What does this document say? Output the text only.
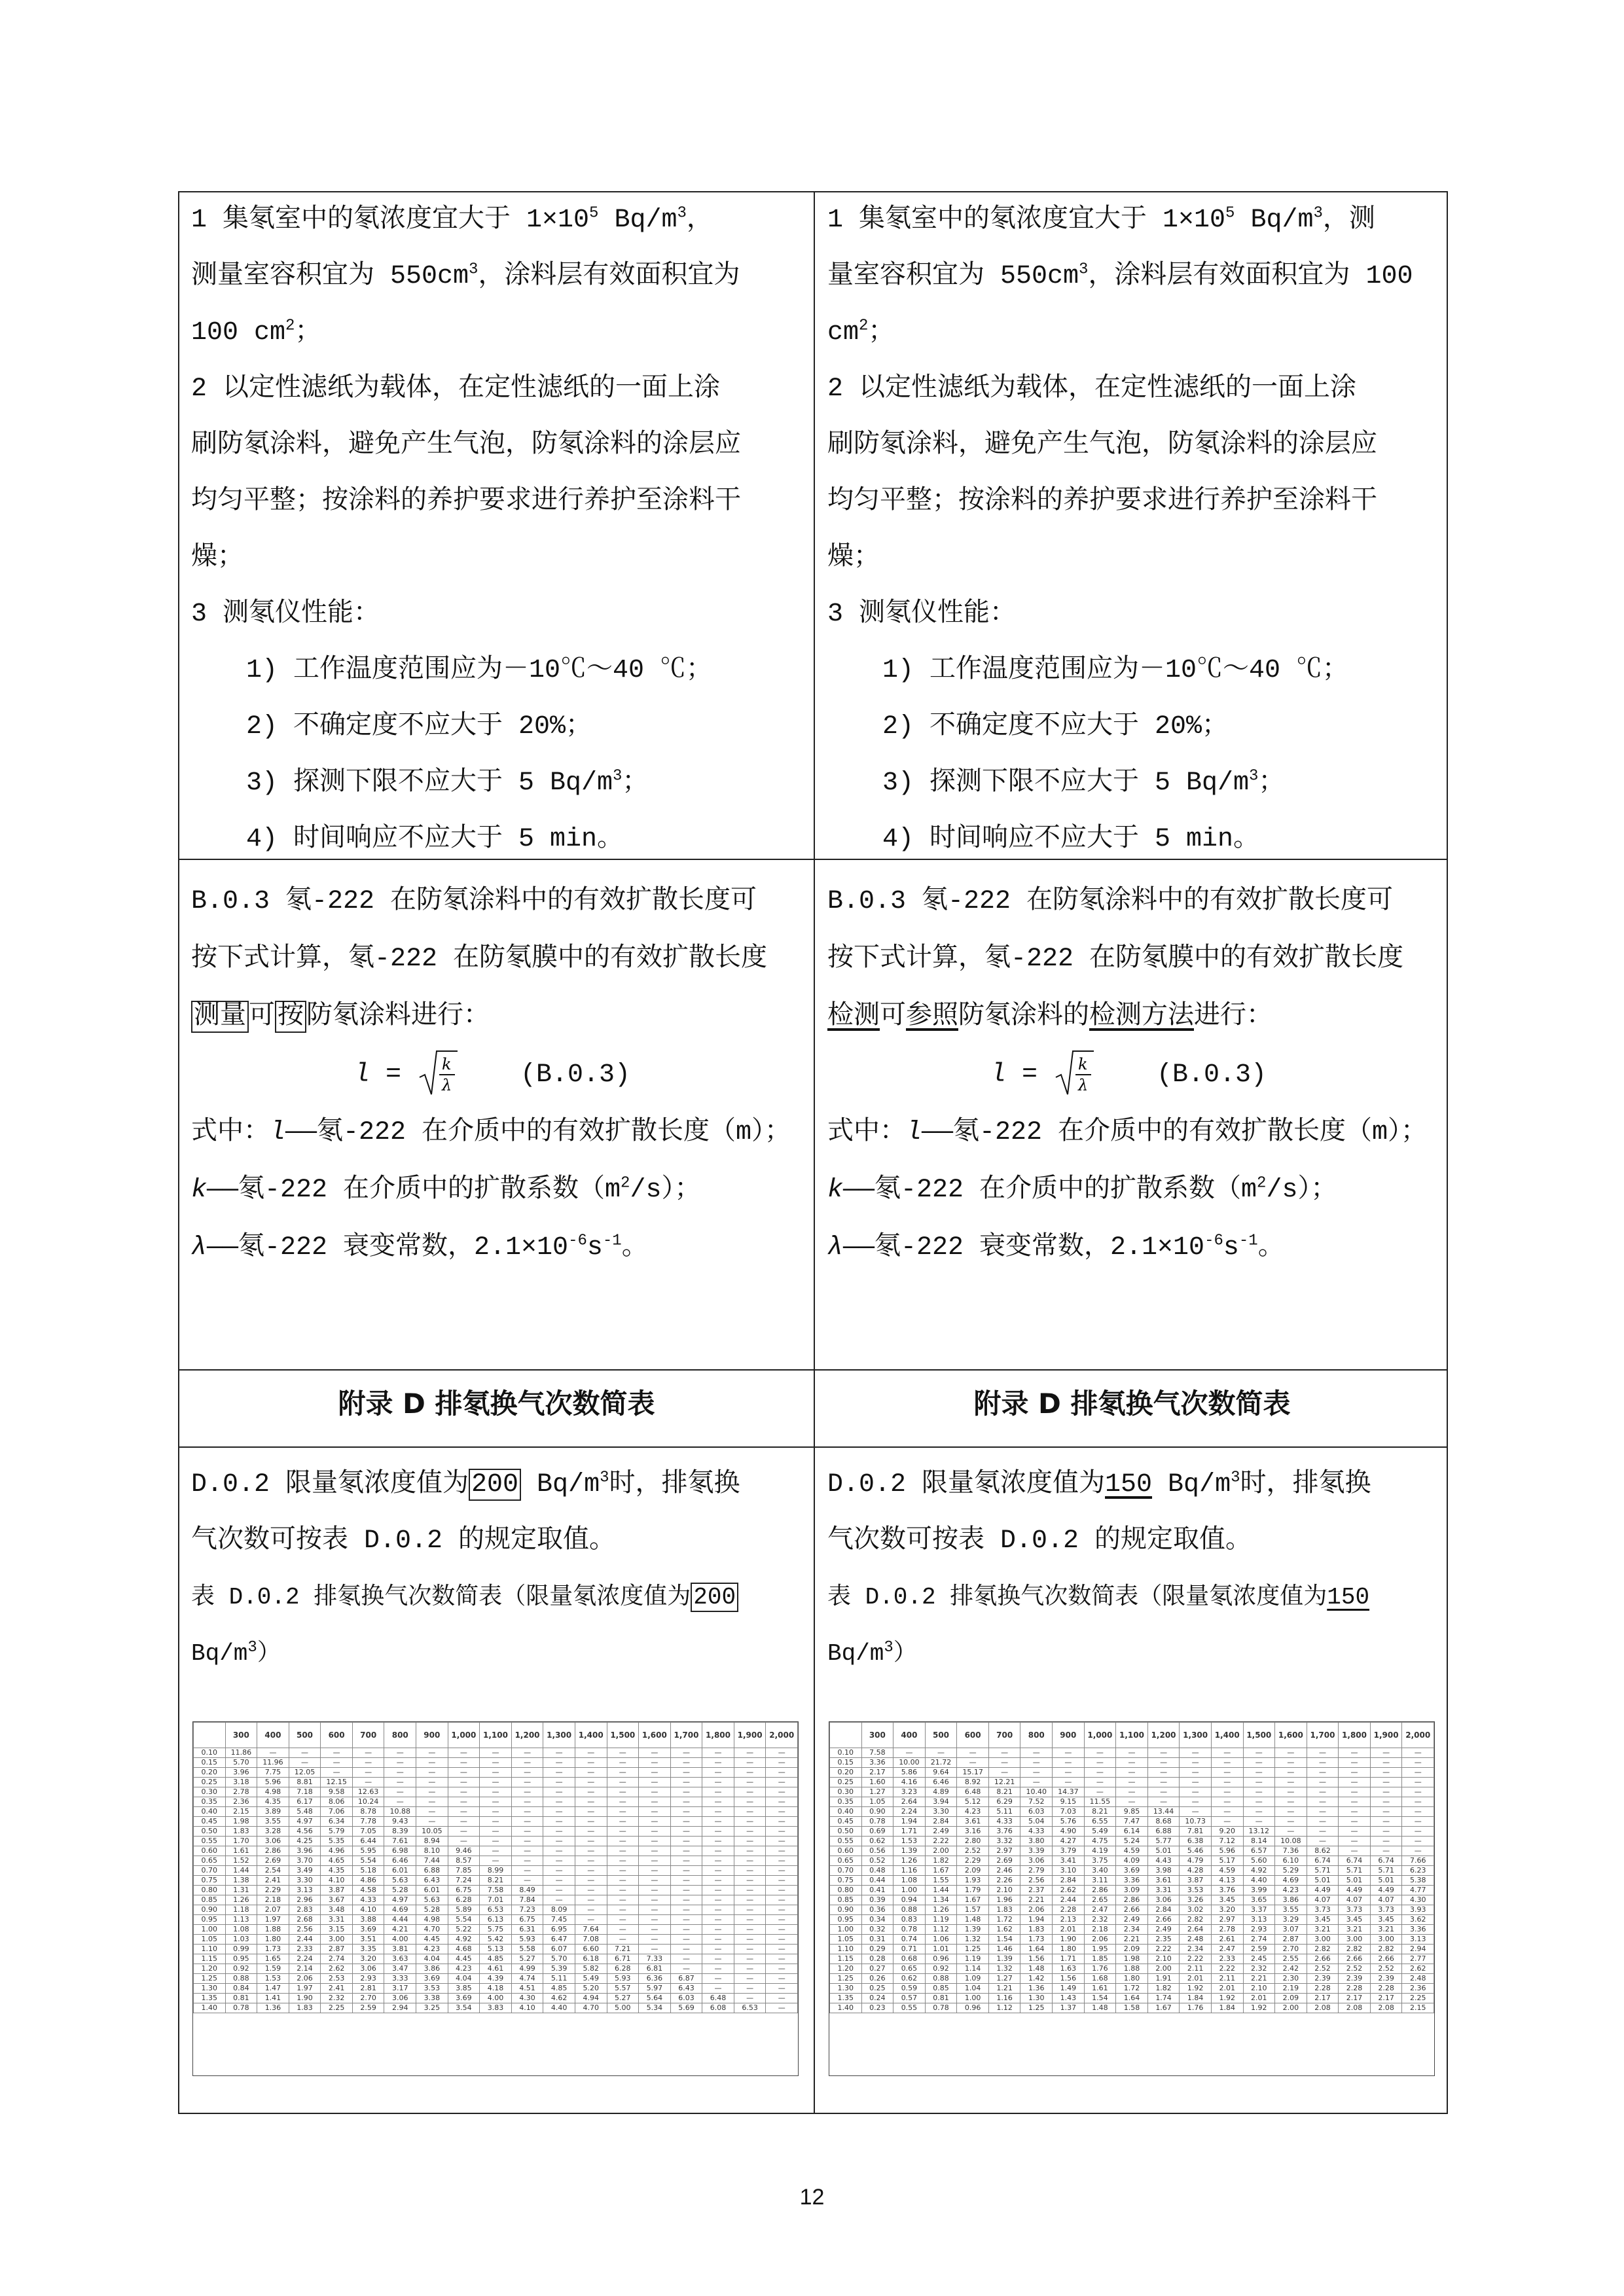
1 集氡室中的氡浓度宜大于 $1\times 10^5$ $Bq/m^3$，

测量室容积宜为 $550cm^3$，涂料层有效面积宜为

100 $cm^2$；

2 以定性滤纸为载体，在定性滤纸的一面上涂

刷防氡涂料，避免产生气泡，防氡涂料的涂层应

均匀平整；按涂料的养护要求进行养护至涂料干

燥；

3 测氡仪性能：

1) 工作温度范围应为－10℃～40 ℃；

2) 不确定度不应大于 20%；

3) 探测下限不应大于 5 $Bq/m^3$；

4) 时间响应不应大于 5 min。

B.0.3 氡-222 在防氡涂料中的有效扩散长度可

按下式计算，氡-222 在防氡膜中的有效扩散长度

测量 可 按 防氡涂料进行：

l = k
λ	(B.0.3)

式中：l——氡-222 在介质中的有效扩散长度（m）；

k——氡-222 在介质中的扩散系数$(m^2/s)$；

λ——氡-222 衰变常数，$2.1\times 10^{-6}s^{-1}$。

附录 D 排氡换气次数简表

D.0.2 限量氡浓度值为 200 $Bq/m^3$时，排氡换

气次数可按表 D.0.2 的规定取值。

表 D.0.2 排氡换气次数简表（限量氡浓度值为 200

$Bq/m^3$）

	300	400	500	600	700	800	900	1,000	1,100	1,200	1,300	1,400	1,500	1,600	1,700	1,800	1,900	2,000
0.10	11.86	—	—	—	—	—	—	—	—	—	—	—	—	—	—	—	—	—
0.15	5.70	11.96	—	—	—	—	—	—	—	—	—	—	—	—	—	—	—	—
0.20	3.96	7.75	12.05	—	—	—	—	—	—	—	—	—	—	—	—	—	—	—
0.25	3.18	5.96	8.81	12.15	—	—	—	—	—	—	—	—	—	—	—	—	—	—
0.30	2.78	4.98	7.18	9.58	12.63	—	—	—	—	—	—	—	—	—	—	—	—	—
0.35	2.36	4.35	6.17	8.06	10.24	—	—	—	—	—	—	—	—	—	—	—	—	—
0.40	2.15	3.89	5.48	7.06	8.78	10.88	—	—	—	—	—	—	—	—	—	—	—	—
0.45	1.98	3.55	4.97	6.34	7.78	9.43	—	—	—	—	—	—	—	—	—	—	—	—
0.50	1.83	3.28	4.56	5.79	7.05	8.39	10.05	—	—	—	—	—	—	—	—	—	—	—
0.55	1.70	3.06	4.25	5.35	6.44	7.61	8.94	—	—	—	—	—	—	—	—	—	—	—
0.60	1.61	2.86	3.96	4.96	5.95	6.98	8.10	9.46	—	—	—	—	—	—	—	—	—	—
0.65	1.52	2.69	3.70	4.65	5.54	6.46	7.44	8.57	—	—	—	—	—	—	—	—	—	—
0.70	1.44	2.54	3.49	4.35	5.18	6.01	6.88	7.85	8.99	—	—	—	—	—	—	—	—	—
0.75	1.38	2.41	3.30	4.10	4.86	5.63	6.43	7.24	8.21	—	—	—	—	—	—	—	—	—
0.80	1.31	2.29	3.13	3.87	4.58	5.28	6.01	6.75	7.58	8.49	—	—	—	—	—	—	—	—
0.85	1.26	2.18	2.96	3.67	4.33	4.97	5.63	6.28	7.01	7.84	—	—	—	—	—	—	—	—
0.90	1.18	2.07	2.83	3.48	4.10	4.69	5.28	5.89	6.53	7.23	8.09	—	—	—	—	—	—	—
0.95	1.13	1.97	2.68	3.31	3.88	4.44	4.98	5.54	6.13	6.75	7.45	—	—	—	—	—	—	—
1.00	1.08	1.88	2.56	3.15	3.69	4.21	4.70	5.22	5.75	6.31	6.95	7.64	—	—	—	—	—	—
1.05	1.03	1.80	2.44	3.00	3.51	4.00	4.45	4.92	5.42	5.93	6.47	7.08	—	—	—	—	—	—
1.10	0.99	1.73	2.33	2.87	3.35	3.81	4.23	4.68	5.13	5.58	6.07	6.60	7.21	—	—	—	—	—
1.15	0.95	1.65	2.24	2.74	3.20	3.63	4.04	4.45	4.85	5.27	5.70	6.18	6.71	7.33	—	—	—	—
1.20	0.92	1.59	2.14	2.62	3.06	3.47	3.86	4.23	4.61	4.99	5.39	5.82	6.28	6.81	—	—	—	—
1.25	0.88	1.53	2.06	2.53	2.93	3.33	3.69	4.04	4.39	4.74	5.11	5.49	5.93	6.36	6.87	—	—	—
1.30	0.84	1.47	1.97	2.41	2.81	3.17	3.53	3.85	4.18	4.51	4.85	5.20	5.57	5.97	6.43	—	—	—
1.35	0.81	1.41	1.90	2.32	2.70	3.06	3.38	3.69	4.00	4.30	4.62	4.94	5.27	5.64	6.03	6.48	—	—
1.40	0.78	1.36	1.83	2.25	2.59	2.94	3.25	3.54	3.83	4.10	4.40	4.70	5.00	5.34	5.69	6.08	6.53	—

1 集氡室中的氡浓度宜大于 $1\times 10^5$ $Bq/m^3$，测

量室容积宜为 $550cm^3$，涂料层有效面积宜为 100

$cm^2$；

2 以定性滤纸为载体，在定性滤纸的一面上涂

刷防氡涂料，避免产生气泡，防氡涂料的涂层应

均匀平整；按涂料的养护要求进行养护至涂料干

燥；

3 测氡仪性能：

1) 工作温度范围应为－10℃～40 ℃；

2) 不确定度不应大于 20%；

3) 探测下限不应大于 5 $Bq/m^3$；

4) 时间响应不应大于 5 min。

B.0.3 氡-222 在防氡涂料中的有效扩散长度可

按下式计算，氡-222 在防氡膜中的有效扩散长度

检测可参照防氡涂料的检测方法进行：

l = k
λ	(B.0.3)

式中：l——氡-222 在介质中的有效扩散长度（m）；

k——氡-222 在介质中的扩散系数$(m^2/s)$；

λ——氡-222 衰变常数，$2.1\times 10^{-6}s^{-1}$。

附录 D 排氡换气次数简表

D.0.2 限量氡浓度值为150 $Bq/m^3$时，排氡换

气次数可按表 D.0.2 的规定取值。

表 D.0.2 排氡换气次数简表（限量氡浓度值为150

$Bq/m^3$）

	300	400	500	600	700	800	900	1,000	1,100	1,200	1,300	1,400	1,500	1,600	1,700	1,800	1,900	2,000
0.10	7.58	—	—	—	—	—	—	—	—	—	—	—	—	—	—	—	—	—
0.15	3.36	10.00	21.72	—	—	—	—	—	—	—	—	—	—	—	—	—	—	—
0.20	2.17	5.86	9.64	15.17	—	—	—	—	—	—	—	—	—	—	—	—	—	—
0.25	1.60	4.16	6.46	8.92	12.21	—	—	—	—	—	—	—	—	—	—	—	—	—
0.30	1.27	3.23	4.89	6.48	8.21	10.40	14.37	—	—	—	—	—	—	—	—	—	—	—
0.35	1.05	2.64	3.94	5.12	6.29	7.52	9.15	11.55	—	—	—	—	—	—	—	—	—	—
0.40	0.90	2.24	3.30	4.23	5.11	6.03	7.03	8.21	9.85	13.44	—	—	—	—	—	—	—	—
0.45	0.78	1.94	2.84	3.61	4.33	5.04	5.76	6.55	7.47	8.68	10.73	—	—	—	—	—	—	—
0.50	0.69	1.71	2.49	3.16	3.76	4.33	4.90	5.49	6.14	6.88	7.81	9.20	13.12	—	—	—	—	—
0.55	0.62	1.53	2.22	2.80	3.32	3.80	4.27	4.75	5.24	5.77	6.38	7.12	8.14	10.08	—	—	—	—
0.60	0.56	1.39	2.00	2.52	2.97	3.39	3.79	4.19	4.59	5.01	5.46	5.96	6.57	7.36	8.62	—	—	—
0.65	0.52	1.26	1.82	2.29	2.69	3.06	3.41	3.75	4.09	4.43	4.79	5.17	5.60	6.10	6.74	6.74	6.74	7.66
0.70	0.48	1.16	1.67	2.09	2.46	2.79	3.10	3.40	3.69	3.98	4.28	4.59	4.92	5.29	5.71	5.71	5.71	6.23
0.75	0.44	1.08	1.55	1.93	2.26	2.56	2.84	3.11	3.36	3.61	3.87	4.13	4.40	4.69	5.01	5.01	5.01	5.38
0.80	0.41	1.00	1.44	1.79	2.10	2.37	2.62	2.86	3.09	3.31	3.53	3.76	3.99	4.23	4.49	4.49	4.49	4.77
0.85	0.39	0.94	1.34	1.67	1.96	2.21	2.44	2.65	2.86	3.06	3.26	3.45	3.65	3.86	4.07	4.07	4.07	4.30
0.90	0.36	0.88	1.26	1.57	1.83	2.06	2.28	2.47	2.66	2.84	3.02	3.20	3.37	3.55	3.73	3.73	3.73	3.93
0.95	0.34	0.83	1.19	1.48	1.72	1.94	2.13	2.32	2.49	2.66	2.82	2.97	3.13	3.29	3.45	3.45	3.45	3.62
1.00	0.32	0.78	1.12	1.39	1.62	1.83	2.01	2.18	2.34	2.49	2.64	2.78	2.93	3.07	3.21	3.21	3.21	3.36
1.05	0.31	0.74	1.06	1.32	1.54	1.73	1.90	2.06	2.21	2.35	2.48	2.61	2.74	2.87	3.00	3.00	3.00	3.13
1.10	0.29	0.71	1.01	1.25	1.46	1.64	1.80	1.95	2.09	2.22	2.34	2.47	2.59	2.70	2.82	2.82	2.82	2.94
1.15	0.28	0.68	0.96	1.19	1.39	1.56	1.71	1.85	1.98	2.10	2.22	2.33	2.45	2.55	2.66	2.66	2.66	2.77
1.20	0.27	0.65	0.92	1.14	1.32	1.48	1.63	1.76	1.88	2.00	2.11	2.22	2.32	2.42	2.52	2.52	2.52	2.62
1.25	0.26	0.62	0.88	1.09	1.27	1.42	1.56	1.68	1.80	1.91	2.01	2.11	2.21	2.30	2.39	2.39	2.39	2.48
1.30	0.25	0.59	0.85	1.04	1.21	1.36	1.49	1.61	1.72	1.82	1.92	2.01	2.10	2.19	2.28	2.28	2.28	2.36
1.35	0.24	0.57	0.81	1.00	1.16	1.30	1.43	1.54	1.64	1.74	1.84	1.92	2.01	2.09	2.17	2.17	2.17	2.25
1.40	0.23	0.55	0.78	0.96	1.12	1.25	1.37	1.48	1.58	1.67	1.76	1.84	1.92	2.00	2.08	2.08	2.08	2.15
12
